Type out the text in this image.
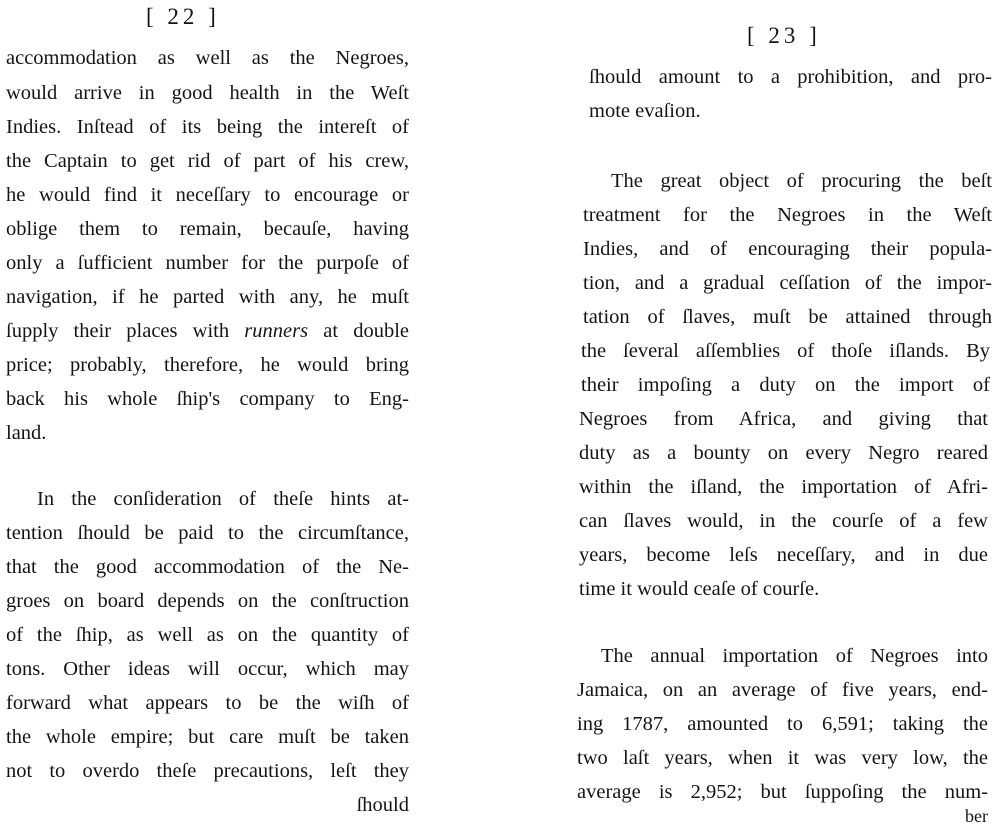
[ 22 ]
accommodation as well as the Negroes,
would arrive in good health in the Weſt
Indies. Inſtead of its being the intereſt of
the Captain to get rid of part of his crew,
he would find it neceſſary to encourage or
oblige them to remain, becauſe, having
only a ſufficient number for the purpoſe of
navigation, if he parted with any, he muſt
ſupply their places with runners at double
price; probably, therefore, he would bring
back his whole ſhip's company to Eng-
land.
In the conſideration of theſe hints at-
tention ſhould be paid to the circumſtance,
that the good accommodation of the Ne-
groes on board depends on the conſtruction
of the ſhip, as well as on the quantity of
tons. Other ideas will occur, which may
forward what appears to be the wiſh of
the whole empire; but care muſt be taken
not to overdo theſe precautions, leſt they
ſhould
[ 23 ]
ſhould amount to a prohibition, and pro-
mote evaſion.
The great object of procuring the beſt
treatment for the Negroes in the Weſt
Indies, and of encouraging their popula-
tion, and a gradual ceſſation of the impor-
tation of ſlaves, muſt be attained through
the ſeveral aſſemblies of thoſe iſlands. By
their impoſing a duty on the import of
Negroes from Africa, and giving that
duty as a bounty on every Negro reared
within the iſland, the importation of Afri-
can ſlaves would, in the courſe of a few
years, become leſs neceſſary, and in due
time it would ceaſe of courſe.
The annual importation of Negroes into
Jamaica, on an average of five years, end-
ing 1787, amounted to 6,591; taking the
two laſt years, when it was very low, the
average is 2,952; but ſuppoſing the num-
ber
